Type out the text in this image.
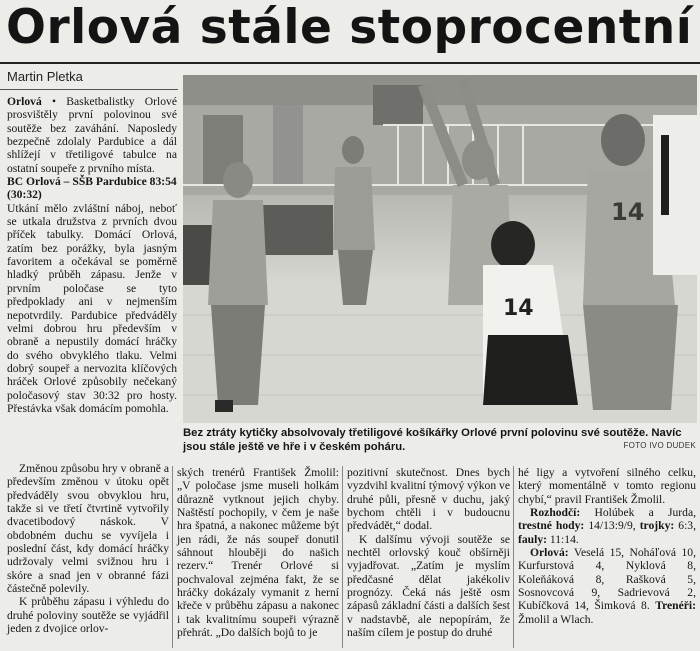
Orlová stále stoprocentní
Martin Pletka

Orlová • Basketbalistky Orlové prosvištěly první polovinou své soutěže bez zaváhání. Naposledy bezpečně zdolaly Pardubice a dál shlížejí v třetiligové tabulce na ostatní soupeře z prvního místa.

BC Orlová – SŠB Pardubice 83:54 (30:32)

Utkání mělo zvláštní náboj, neboť se utkala družstva z prvních dvou příček tabulky. Domácí Orlová, zatím bez porážky, byla jasným favoritem a očekával se poměrně hladký průběh zápasu. Jenže v prvním poločase se tyto předpoklady ani v nejmenším nepotvrdily. Pardubice předváděly velmi dobrou hru především v obraně a nepustily domácí hráčky do svého obvyklého tlaku. Velmi dobrý soupeř a nervozita klíčových hráček Orlové způsobily nečekaný poločasový stav 30:32 pro hosty. Přestávka však domácím pomohla.

14
14
Bez ztráty kytičky absolvovaly třetiligové košíkářky Orlové první polovinu své soutěže. Navíc jsou stále ještě ve hře i v českém poháru.	FOTO IVO DUDEK

Změnou způsobu hry v obraně a především změnou v útoku opět předváděly svou obvyklou hru, takže si ve třetí čtvrtině vytvořily dvacetibodový náskok. V obdobném duchu se vyvíjela i poslední část, kdy domácí hráčky udržovaly velmi svižnou hru i skóre a snad jen v obranné fázi částečně polevily.

K průběhu zápasu i výhledu do druhé poloviny soutěže se vyjádřil jeden z dvojice orlov-

ských trenérů František Žmolil: „V poločase jsme museli holkám důrazně vytknout jejich chyby. Naštěstí pochopily, v čem je naše hra špatná, a nakonec můžeme být jen rádi, že nás soupeř donutil sáhnout hlouběji do našich rezerv.“ Trenér Orlové si pochvaloval zejména fakt, že se hráčky dokázaly vymanit z herní křeče v průběhu zápasu a nakonec i tak kvalitnímu soupeři výrazně přehrát. „Do dalších bojů to je

pozitivní skutečnost. Dnes bych vyzdvihl kvalitní týmový výkon ve druhé půli, přesně v duchu, jaký bychom chtěli i v budoucnu předvádět,“ dodal.

K dalšímu vývoji soutěže se nechtěl orlovský kouč obšírněji vyjadřovat. „Zatím je myslím předčasné dělat jakékoliv prognózy. Čeká nás ještě osm zápasů základní části a dalších šest v nadstavbě, ale nepopírám, že naším cílem je postup do druhé

hé ligy a vytvoření silného celku, který momentálně v tomto regionu chybí,“ pravil František Žmolil.

Rozhodčí: Holúbek a Jurda, trestné hody: 14/13:9/9, trojky: 6:3, fauly: 11:14.

Orlová: Veselá 15, Noháľová 10, Kurfurstová 4, Nyklová 8, Koleňáková 8, Rašková 5, Sosnovcová 9, Sadrievová 2, Kubíčková 14, Šimková 8. Trenéři: Žmolil a Wlach.
